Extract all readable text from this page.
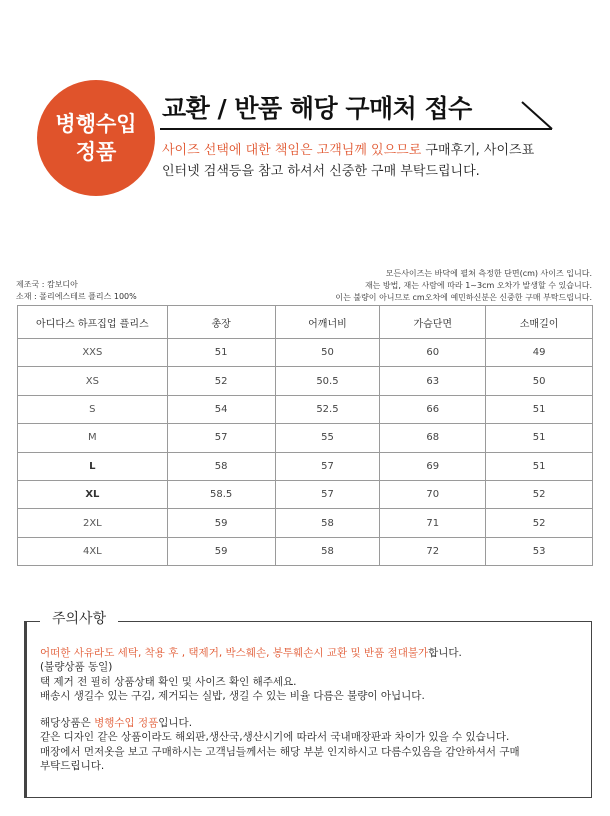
병행수입
정품
교환 / 반품 해당 구매처 접수
사이즈 선택에 대한 책임은 고객님께 있으므로 구매후기, 사이즈표
인터넷 검색등을 참고 하셔서 신중한 구매 부탁드립니다.
제조국 : 캄보디아
소재 : 폴리에스테르 플리스 100%
모든사이즈는 바닥에 펼쳐 측정한 단면(cm) 사이즈 입니다.
재는 방법, 재는 사람에 따라 1~3cm 오차가 발생할 수 있습니다.
이는 불량이 아니므로 cm오차에 예민하신분은 신중한 구매 부탁드립니다.
아디다스 하프집업 플리스	총장	어깨너비	가슴단면	소매길이
XXS	51	50	60	49
XS	52	50.5	63	50
S	54	52.5	66	51
M	57	55	68	51
L	58	57	69	51
XL	58.5	57	70	52
2XL	59	58	71	52
4XL	59	58	72	53
주의사항
어떠한 사유라도 세탁, 착용 후 , 택제거, 박스훼손, 봉투훼손시 교환 및 반품 절대불가합니다.
(불량상품 동일)
택 제거 전 필히 상품상태 확인 및 사이즈 확인 해주세요.
배송시 생길수 있는 구김, 제거되는 실밥, 생길 수 있는 비율 다름은 불량이 아닙니다.
해당상품은 병행수입 정품입니다.
같은 디자인 같은 상품이라도 해외판,생산국,생산시기에 따라서 국내매장판과 차이가 있을 수 있습니다.
매장에서 먼저옷을 보고 구매하시는 고객님들께서는 해당 부분 인지하시고 다름수있음을 감안하셔서 구매
부탁드립니다.
